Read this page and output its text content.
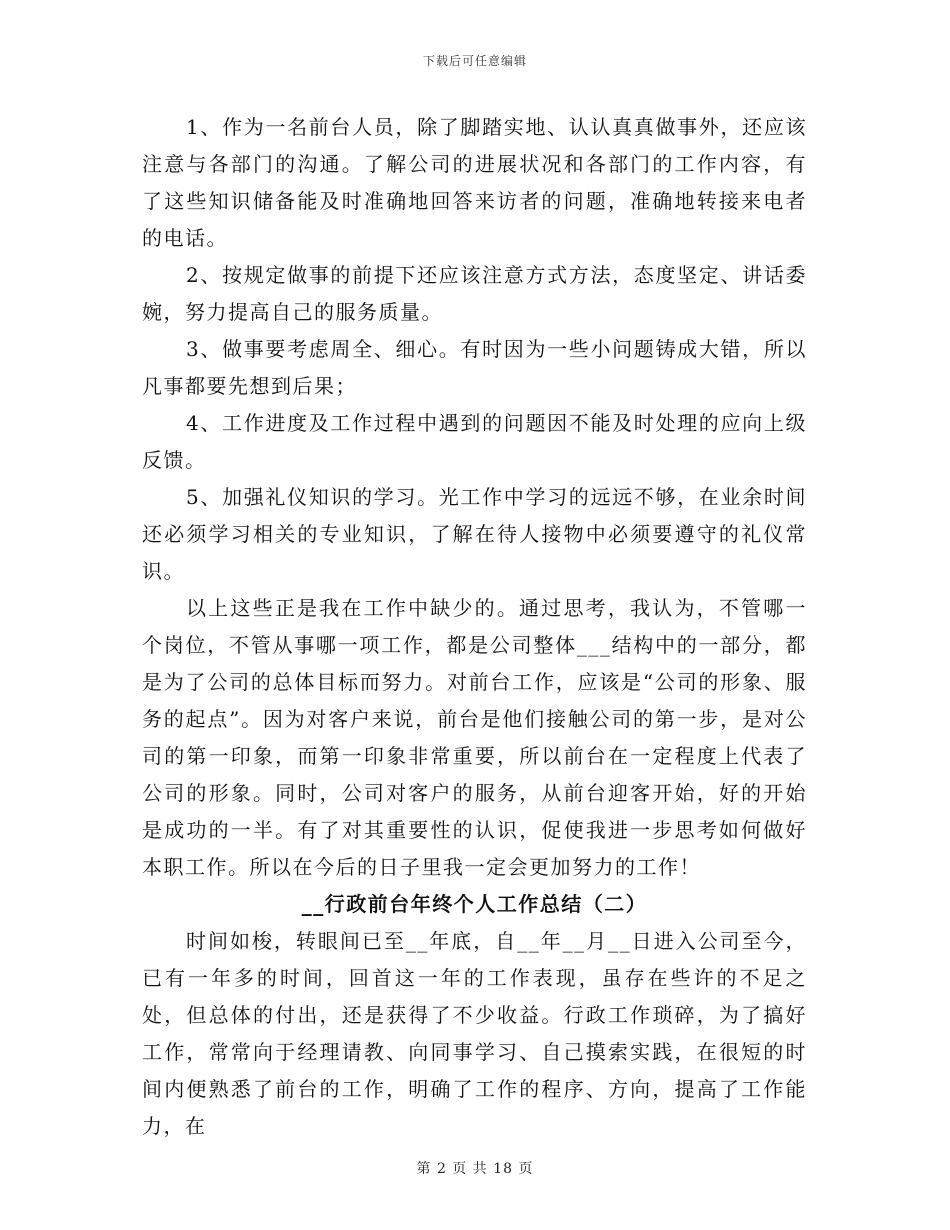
下载后可任意编辑

1、作为一名前台人员，除了脚踏实地、认认真真做事外，还应该注意与各部门的沟通。了解公司的进展状况和各部门的工作内容，有了这些知识储备能及时准确地回答来访者的问题，准确地转接来电者的电话。

2、按规定做事的前提下还应该注意方式方法，态度坚定、讲话委婉，努力提高自己的服务质量。

3、做事要考虑周全、细心。有时因为一些小问题铸成大错，所以凡事都要先想到后果；

4、工作进度及工作过程中遇到的问题因不能及时处理的应向上级反馈。

5、加强礼仪知识的学习。光工作中学习的远远不够，在业余时间还必须学习相关的专业知识，了解在待人接物中必须要遵守的礼仪常识。

以上这些正是我在工作中缺少的。通过思考，我认为，不管哪一个岗位，不管从事哪一项工作，都是公司整体___结构中的一部分，都是为了公司的总体目标而努力。对前台工作，应该是“公司的形象、服务的起点”。因为对客户来说，前台是他们接触公司的第一步，是对公司的第一印象，而第一印象非常重要，所以前台在一定程度上代表了公司的形象。同时，公司对客户的服务，从前台迎客开始，好的开始是成功的一半。有了对其重要性的认识，促使我进一步思考如何做好本职工作。所以在今后的日子里我一定会更加努力的工作！

__行政前台年终个人工作总结（二）

时间如梭，转眼间已至__年底，自__年__月__日进入公司至今，已有一年多的时间，回首这一年的工作表现，虽存在些许的不足之处，但总体的付出，还是获得了不少收益。行政工作琐碎，为了搞好工作，常常向于经理请教、向同事学习、自己摸索实践，在很短的时间内便熟悉了前台的工作，明确了工作的程序、方向，提高了工作能力，在

第 2 页 共 18 页
